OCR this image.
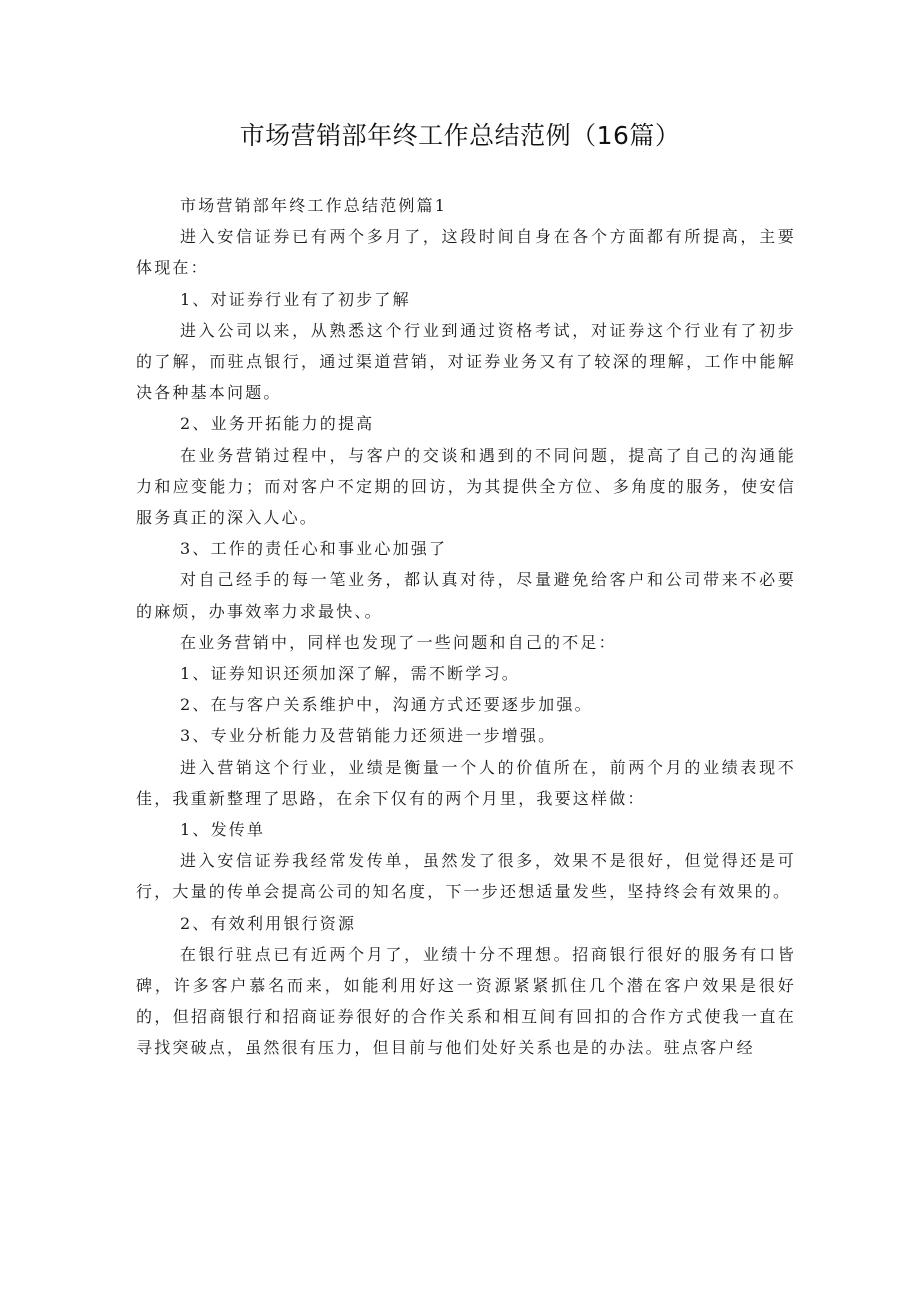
市场营销部年终工作总结范例（16篇）

市场营销部年终工作总结范例篇1

进入安信证券已有两个多月了，这段时间自身在各个方面都有所提高，主要体现在：

1、对证券行业有了初步了解

进入公司以来，从熟悉这个行业到通过资格考试，对证券这个行业有了初步的了解，而驻点银行，通过渠道营销，对证券业务又有了较深的理解，工作中能解决各种基本问题。

2、业务开拓能力的提高

在业务营销过程中，与客户的交谈和遇到的不同问题，提高了自己的沟通能力和应变能力；而对客户不定期的回访，为其提供全方位、多角度的服务，使安信服务真正的深入人心。

3、工作的责任心和事业心加强了

对自己经手的每一笔业务，都认真对待，尽量避免给客户和公司带来不必要的麻烦，办事效率力求最快、。

在业务营销中，同样也发现了一些问题和自己的不足：

1、证券知识还须加深了解，需不断学习。

2、在与客户关系维护中，沟通方式还要逐步加强。

3、专业分析能力及营销能力还须进一步增强。

进入营销这个行业，业绩是衡量一个人的价值所在，前两个月的业绩表现不佳，我重新整理了思路，在余下仅有的两个月里，我要这样做：

1、发传单

进入安信证券我经常发传单，虽然发了很多，效果不是很好，但觉得还是可行，大量的传单会提高公司的知名度，下一步还想适量发些，坚持终会有效果的。

2、有效利用银行资源

在银行驻点已有近两个月了，业绩十分不理想。招商银行很好的服务有口皆碑，许多客户慕名而来，如能利用好这一资源紧紧抓住几个潜在客户效果是很好的，但招商银行和招商证券很好的合作关系和相互间有回扣的合作方式使我一直在寻找突破点，虽然很有压力，但目前与他们处好关系也是的办法。驻点客户经
